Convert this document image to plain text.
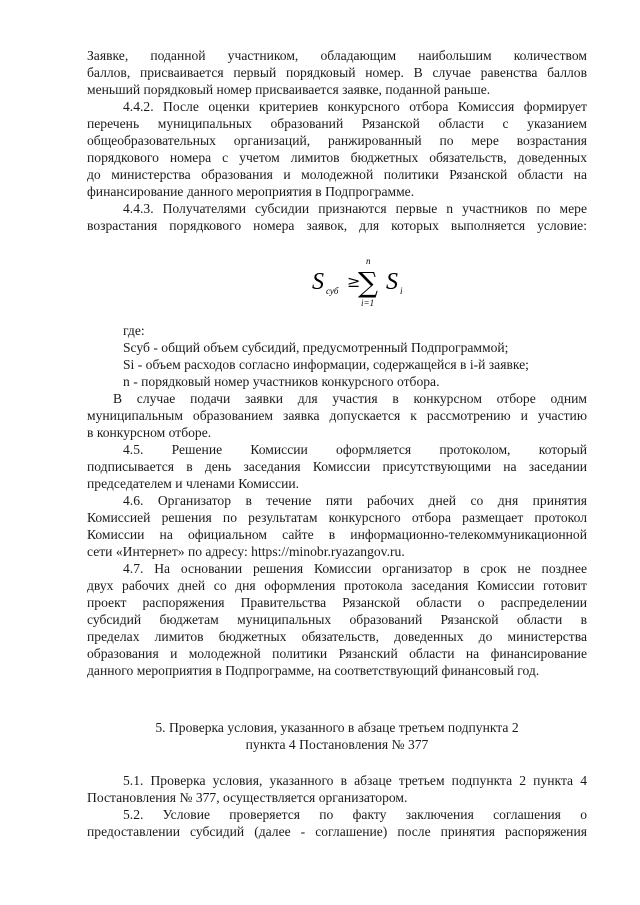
Заявке, поданной участником, обладающим наибольшим количеством
баллов, присваивается первый порядковый номер. В случае равенства баллов
меньший порядковый номер присваивается заявке, поданной раньше.
4.4.2. После оценки критериев конкурсного отбора Комиссия формирует
перечень муниципальных образований Рязанской области с указанием
общеобразовательных организаций, ранжированный по мере возрастания
порядкового номера с учетом лимитов бюджетных обязательств, доведенных
до министерства образования и молодежной политики Рязанской области на
финансирование данного мероприятия в Подпрограмме.
4.4.3. Получателями субсидии признаются первые n участников по мере
возрастания порядкового номера заявок, для которых выполняется условие:
S суб ≥
n
∑
i=1
S i
где:
Sсуб - общий объем субсидий, предусмотренный Подпрограммой;
Si - объем расходов согласно информации, содержащейся в i-й заявке;
n - порядковый номер участников конкурсного отбора.
В случае подачи заявки для участия в конкурсном отборе одним
муниципальным образованием заявка допускается к рассмотрению и участию
в конкурсном отборе.
4.5. Решение Комиссии оформляется протоколом, который
подписывается в день заседания Комиссии присутствующими на заседании
председателем и членами Комиссии.
4.6. Организатор в течение пяти рабочих дней со дня принятия
Комиссией решения по результатам конкурсного отбора размещает протокол
Комиссии на официальном сайте в информационно-телекоммуникационной
сети «Интернет» по адресу: https://minobr.ryazangov.ru.
4.7. На основании решения Комиссии организатор в срок не позднее
двух рабочих дней со дня оформления протокола заседания Комиссии готовит
проект распоряжения Правительства Рязанской области о распределении
субсидий бюджетам муниципальных образований Рязанской области в
пределах лимитов бюджетных обязательств, доведенных до министерства
образования и молодежной политики Рязанский области на финансирование
данного мероприятия в Подпрограмме, на соответствующий финансовый год.
5. Проверка условия, указанного в абзаце третьем подпункта 2
пункта 4 Постановления № 377
5.1. Проверка условия, указанного в абзаце третьем подпункта 2 пункта 4
Постановления № 377, осуществляется организатором.
5.2. Условие проверяется по факту заключения соглашения о
предоставлении субсидий (далее - соглашение) после принятия распоряжения
